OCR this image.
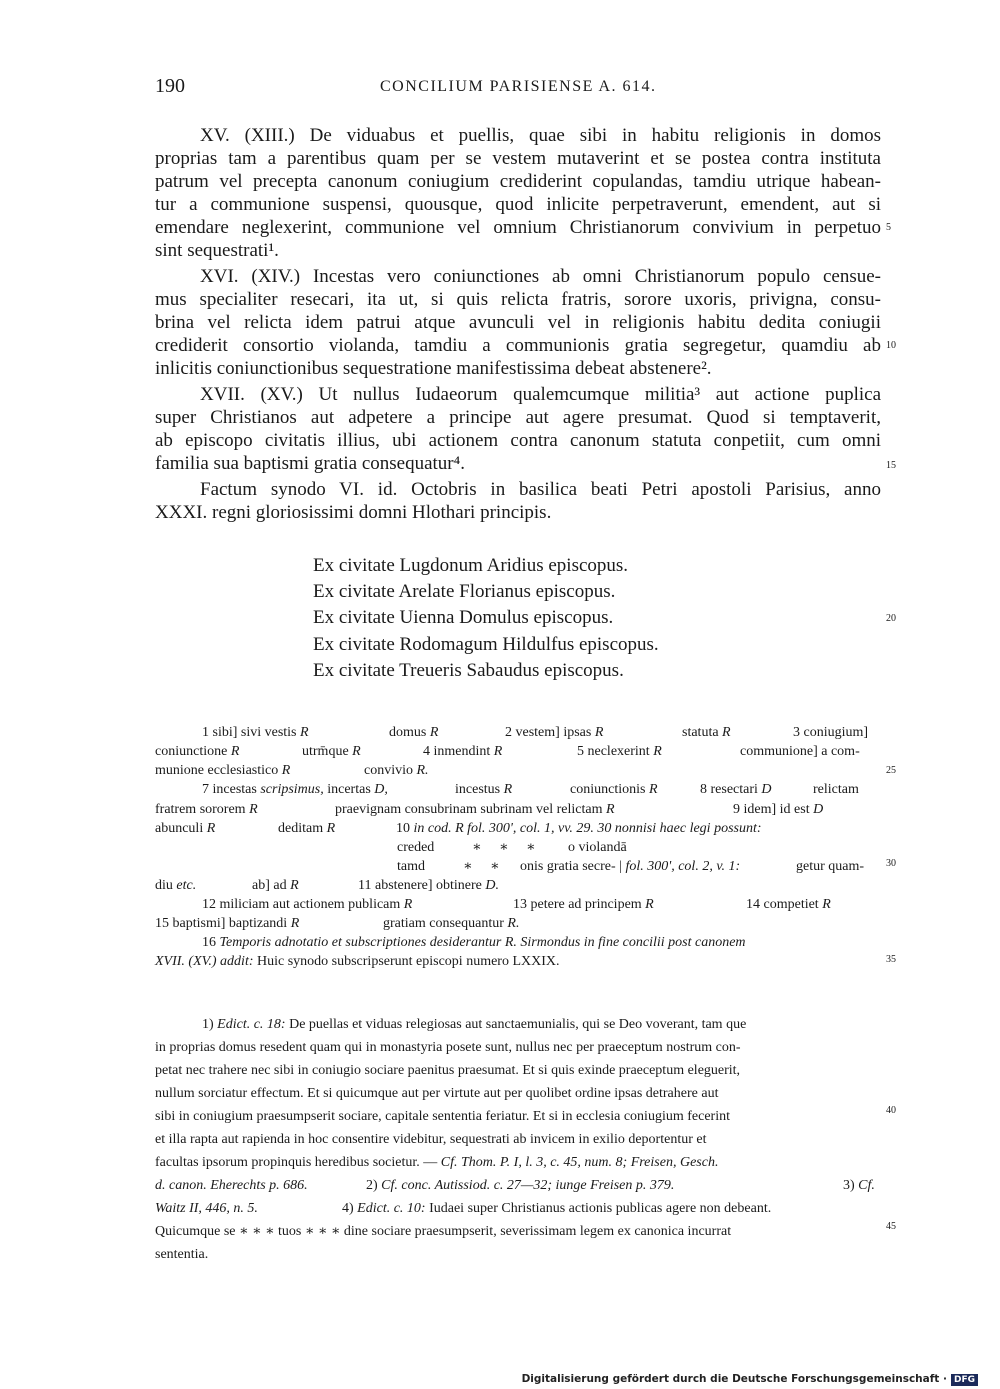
190	CONCILIUM PARISIENSE A. 614.
XV. (XIII.) De viduabus et puellis, quae sibi in habitu religionis in domos
proprias tam a parentibus quam per se vestem mutaverint et se postea contra instituta
patrum vel precepta canonum coniugium crediderint copulandas, tamdiu utrique habean-
tur a communione suspensi, quousque, quod inlicite perpetraverunt, emendent, aut si
emendare neglexerint, communione vel omnium Christianorum convivium in perpetuo
sint sequestrati¹.
XVI. (XIV.) Incestas vero coniunctiones ab omni Christianorum populo censue-
mus specialiter resecari, ita ut, si quis relicta fratris, sorore uxoris, privigna, consu-
brina vel relicta idem patrui atque avunculi vel in religionis habitu dedita coniugii
crediderit consortio violanda, tamdiu a communionis gratia segregetur, quamdiu ab
inlicitis coniunctionibus sequestratione manifestissima debeat abstenere².
XVII. (XV.) Ut nullus Iudaeorum qualemcumque militia³ aut actione puplica
super Christianos aut adpetere a principe aut agere presumat. Quod si temptaverit,
ab episcopo civitatis illius, ubi actionem contra canonum statuta conpetiit, cum omni
familia sua baptismi gratia consequatur⁴.
Factum synodo VI. id. Octobris in basilica beati Petri apostoli Parisius, anno
XXXI. regni gloriosissimi domni Hlothari principis.
Ex civitate Lugdonum Aridius episcopus.
Ex civitate Arelate Florianus episcopus.
Ex civitate Uienna Domulus episcopus.
Ex civitate Rodomagum Hildulfus episcopus.
Ex civitate Treueris Sabaudus episcopus.
5
10
15
20
25
30
35
40
45
1 sibi] sivi vestis R	domus R	2 vestem] ipsas R	statuta R	3 coniugium]
coniunctione R	utrm̄que R	4 inmendint R	5 neclexerint R	communione] a com-
munione ecclesiastico R	convivio R.
7 incestas scripsimus, incertas D,	incestus R	coniunctionis R	8 resectari D	relictam
fratrem sororem R	praevignam consubrinam subrinam vel relictam R	9 idem] id est D
abunculi R	deditam R	10 in cod. R fol. 300', col. 1, vv. 29. 30 nonnisi haec legi possunt:
creded	∗     ∗     ∗ o violandā
tamd	∗     ∗ onis gratia secre- | fol. 300', col. 2, v. 1:	getur quam-
diu etc.	ab] ad R	11 abstenere] obtinere D.
12 miliciam aut actionem publicam R	13 petere ad principem R	14 competiet R
15 baptismi] baptizandi R	gratiam consequantur R.
16 Temporis adnotatio et subscriptiones desiderantur R. Sirmondus in fine concilii post canonem
XVII. (XV.) addit: Huic synodo subscripserunt episcopi numero LXXIX.
1) Edict. c. 18: De puellas et viduas relegiosas aut sanctaemunialis, qui se Deo voverant, tam que
in proprias domus resedent quam qui in monastyria posete sunt, nullus nec per praeceptum nostrum con-
petat nec trahere nec sibi in coniugio sociare paenitus praesumat. Et si quis exinde praeceptum eleguerit,
nullum sorciatur effectum. Et si quicumque aut per virtute aut per quolibet ordine ipsas detrahere aut
sibi in coniugium praesumpserit sociare, capitale sententia feriatur. Et si in ecclesia coniugium fecerint
et illa rapta aut rapienda in hoc consentire videbitur, sequestrati ab invicem in exilio deportentur et
facultas ipsorum propinquis heredibus societur. — Cf. Thom. P. I, l. 3, c. 45, num. 8; Freisen, Gesch.
d. canon. Eherechts p. 686.	2) Cf. conc. Autissiod. c. 27—32; iunge Freisen p. 379.	3) Cf.
Waitz II, 446, n. 5.	4) Edict. c. 10: Iudaei super Christianus actionis publicas agere non debeant.
Quicumque se ∗ ∗ ∗ tuos ∗ ∗ ∗ dine sociare praesumpserit, severissimam legem ex canonica incurrat
sententia.
Digitalisierung gefördert durch die Deutsche Forschungsgemeinschaft · DFG
